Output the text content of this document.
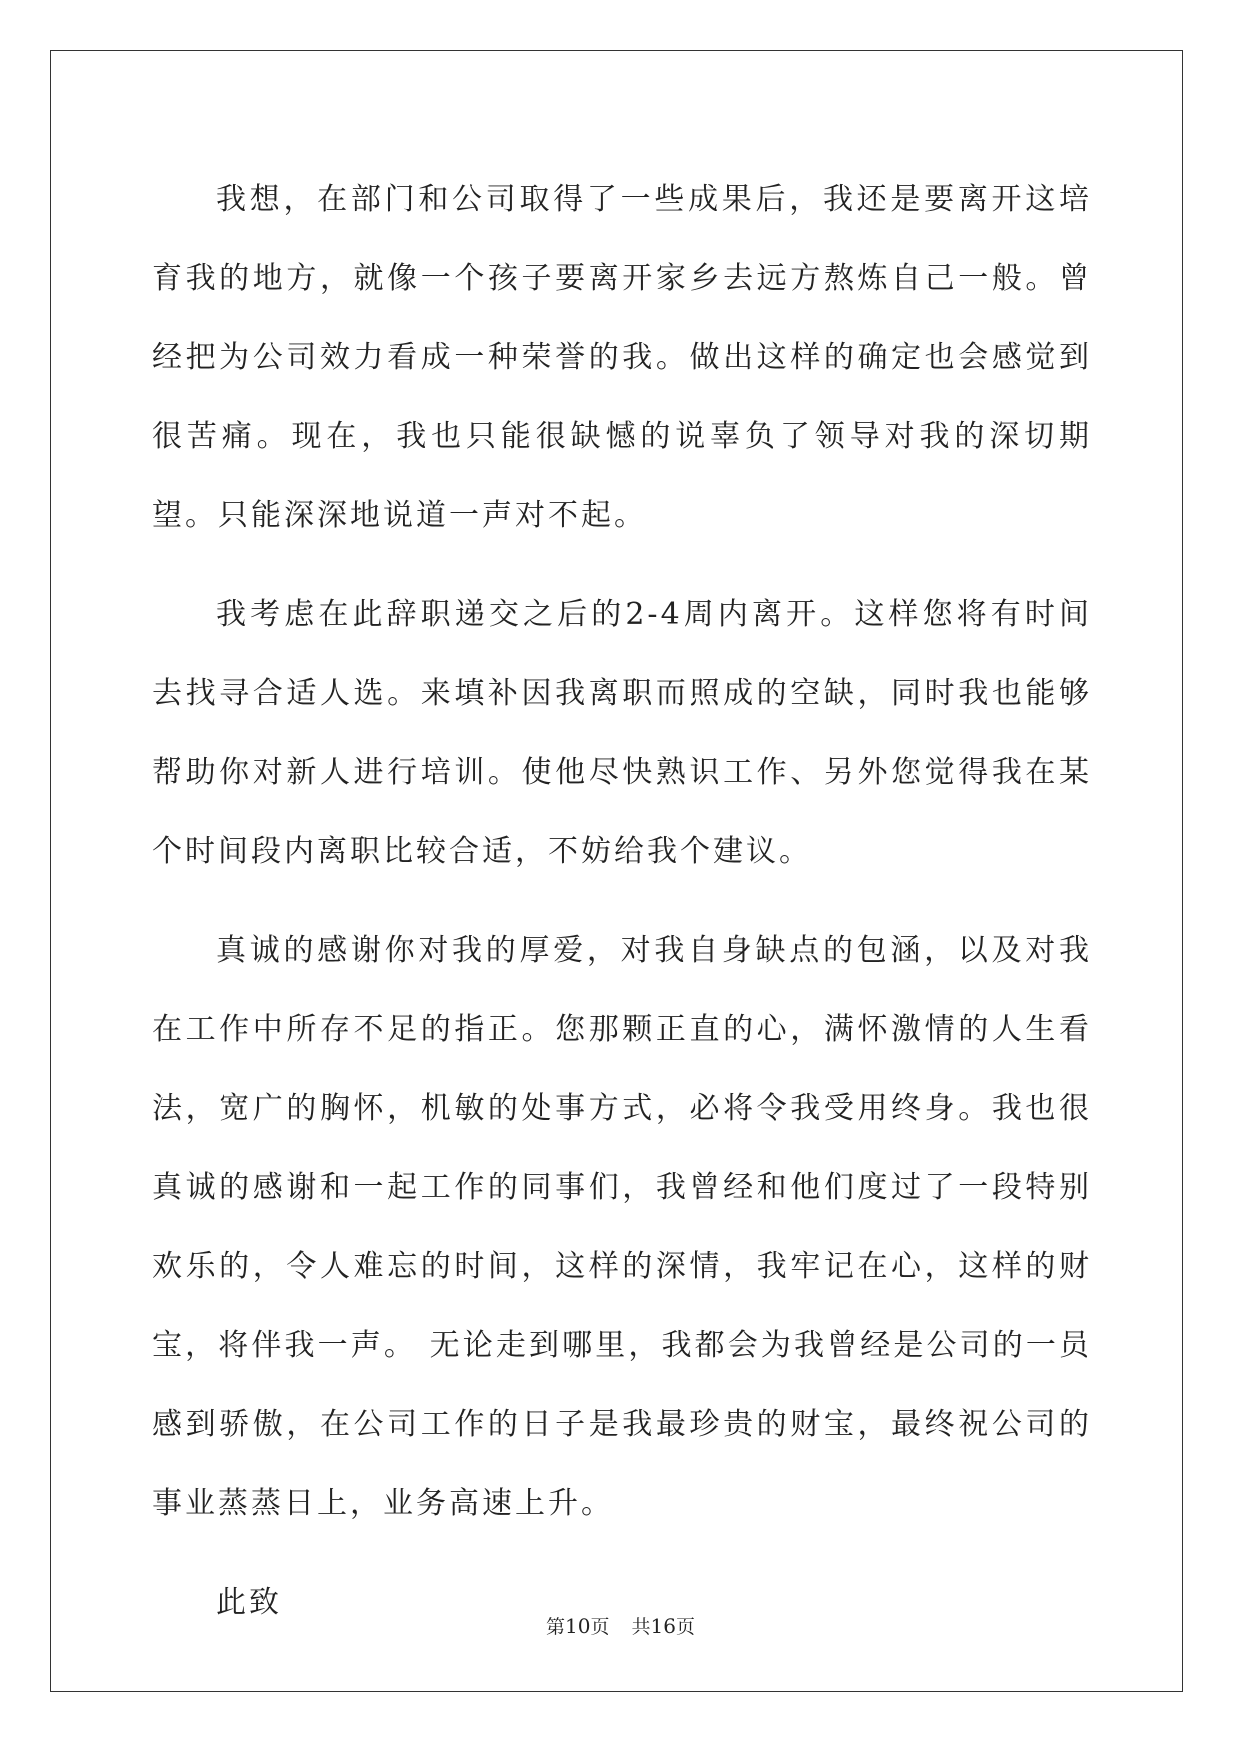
我想，在部门和公司取得了一些成果后，我还是要离开这培育我的地方，就像一个孩子要离开家乡去远方熬炼自己一般。曾经把为公司效力看成一种荣誉的我。做出这样的确定也会感觉到很苦痛。现在，我也只能很缺憾的说辜负了领导对我的深切期望。只能深深地说道一声对不起。

我考虑在此辞职递交之后的2-4周内离开。这样您将有时间去找寻合适人选。来填补因我离职而照成的空缺，同时我也能够帮助你对新人进行培训。使他尽快熟识工作、另外您觉得我在某个时间段内离职比较合适，不妨给我个建议。

真诚的感谢你对我的厚爱，对我自身缺点的包涵，以及对我在工作中所存不足的指正。您那颗正直的心，满怀激情的人生看法，宽广的胸怀，机敏的处事方式，必将令我受用终身。我也很真诚的感谢和一起工作的同事们，我曾经和他们度过了一段特别欢乐的，令人难忘的时间，这样的深情，我牢记在心，这样的财宝，将伴我一声。 无论走到哪里，我都会为我曾经是公司的一员感到骄傲，在公司工作的日子是我最珍贵的财宝，最终祝公司的事业蒸蒸日上，业务高速上升。

此致

第10页 共16页
